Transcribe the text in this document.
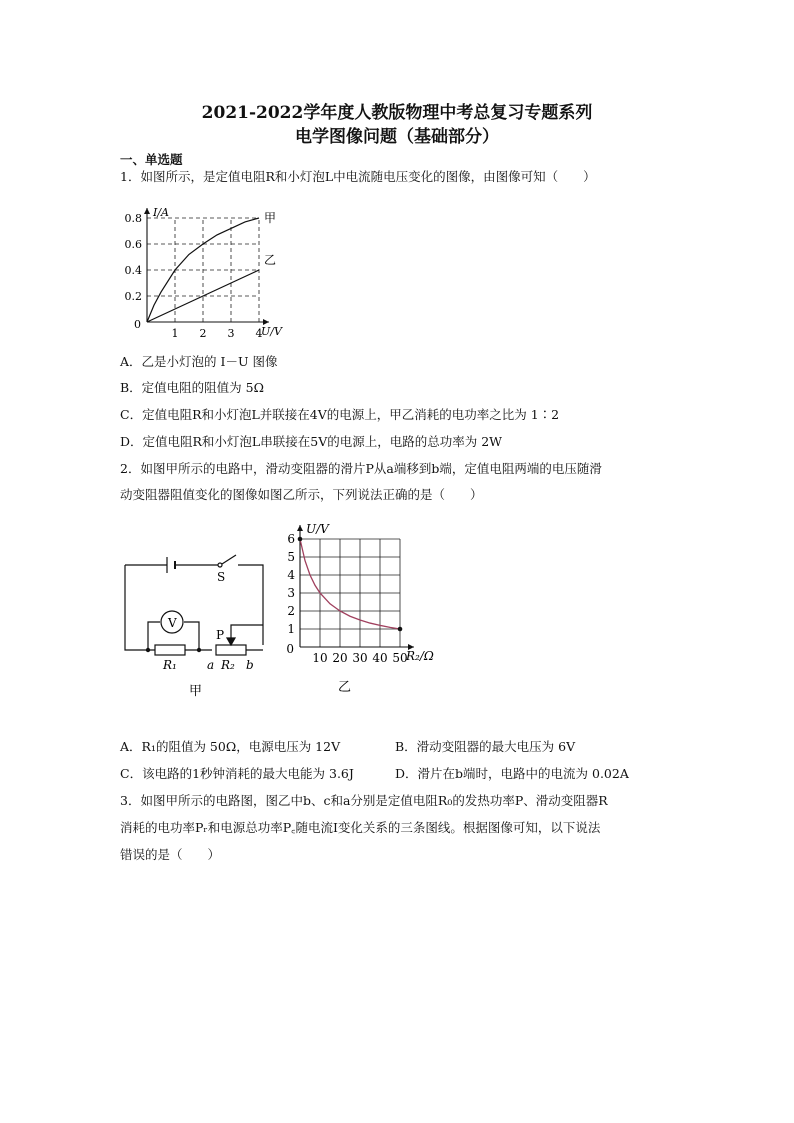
2021-2022学年度人教版物理中考总复习专题系列
电学图像问题（基础部分）
一、单选题
1．如图所示，是定值电阻R和小灯泡L中电流随电压变化的图像，由图像可知（　　）
1 2 3 4
0.2
0.4
0.6
0.8
0
I/A
U/V
甲
乙
A．乙是小灯泡的 I－U 图像
B．定值电阻的阻值为 5Ω
C．定值电阻R和小灯泡L并联接在4V的电源上，甲乙消耗的电功率之比为 1∶2
D．定值电阻R和小灯泡L串联接在5V的电源上，电路的总功率为 2W
2．如图甲所示的电路中，滑动变阻器的滑片P从a端移到b端，定值电阻两端的电压随滑
动变阻器阻值变化的图像如图乙所示，下列说法正确的是（　　）
S
V
P
R₁	a R₂ b
甲
10 20 30 40 50
1
2
3
4
5
6
0
U/V
R₂/Ω
乙
A．R₁的阻值为 50Ω，电源电压为 12V	B．滑动变阻器的最大电压为 6V
C．该电路的1秒钟消耗的最大电能为 3.6J	D．滑片在b端时，电路中的电流为 0.02A
3．如图甲所示的电路图，图乙中b、c和a分别是定值电阻R₀的发热功率P、滑动变阻器R
消耗的电功率Pᵣ和电源总功率P꜀随电流I变化关系的三条图线。根据图像可知，以下说法
错误的是（　　）
